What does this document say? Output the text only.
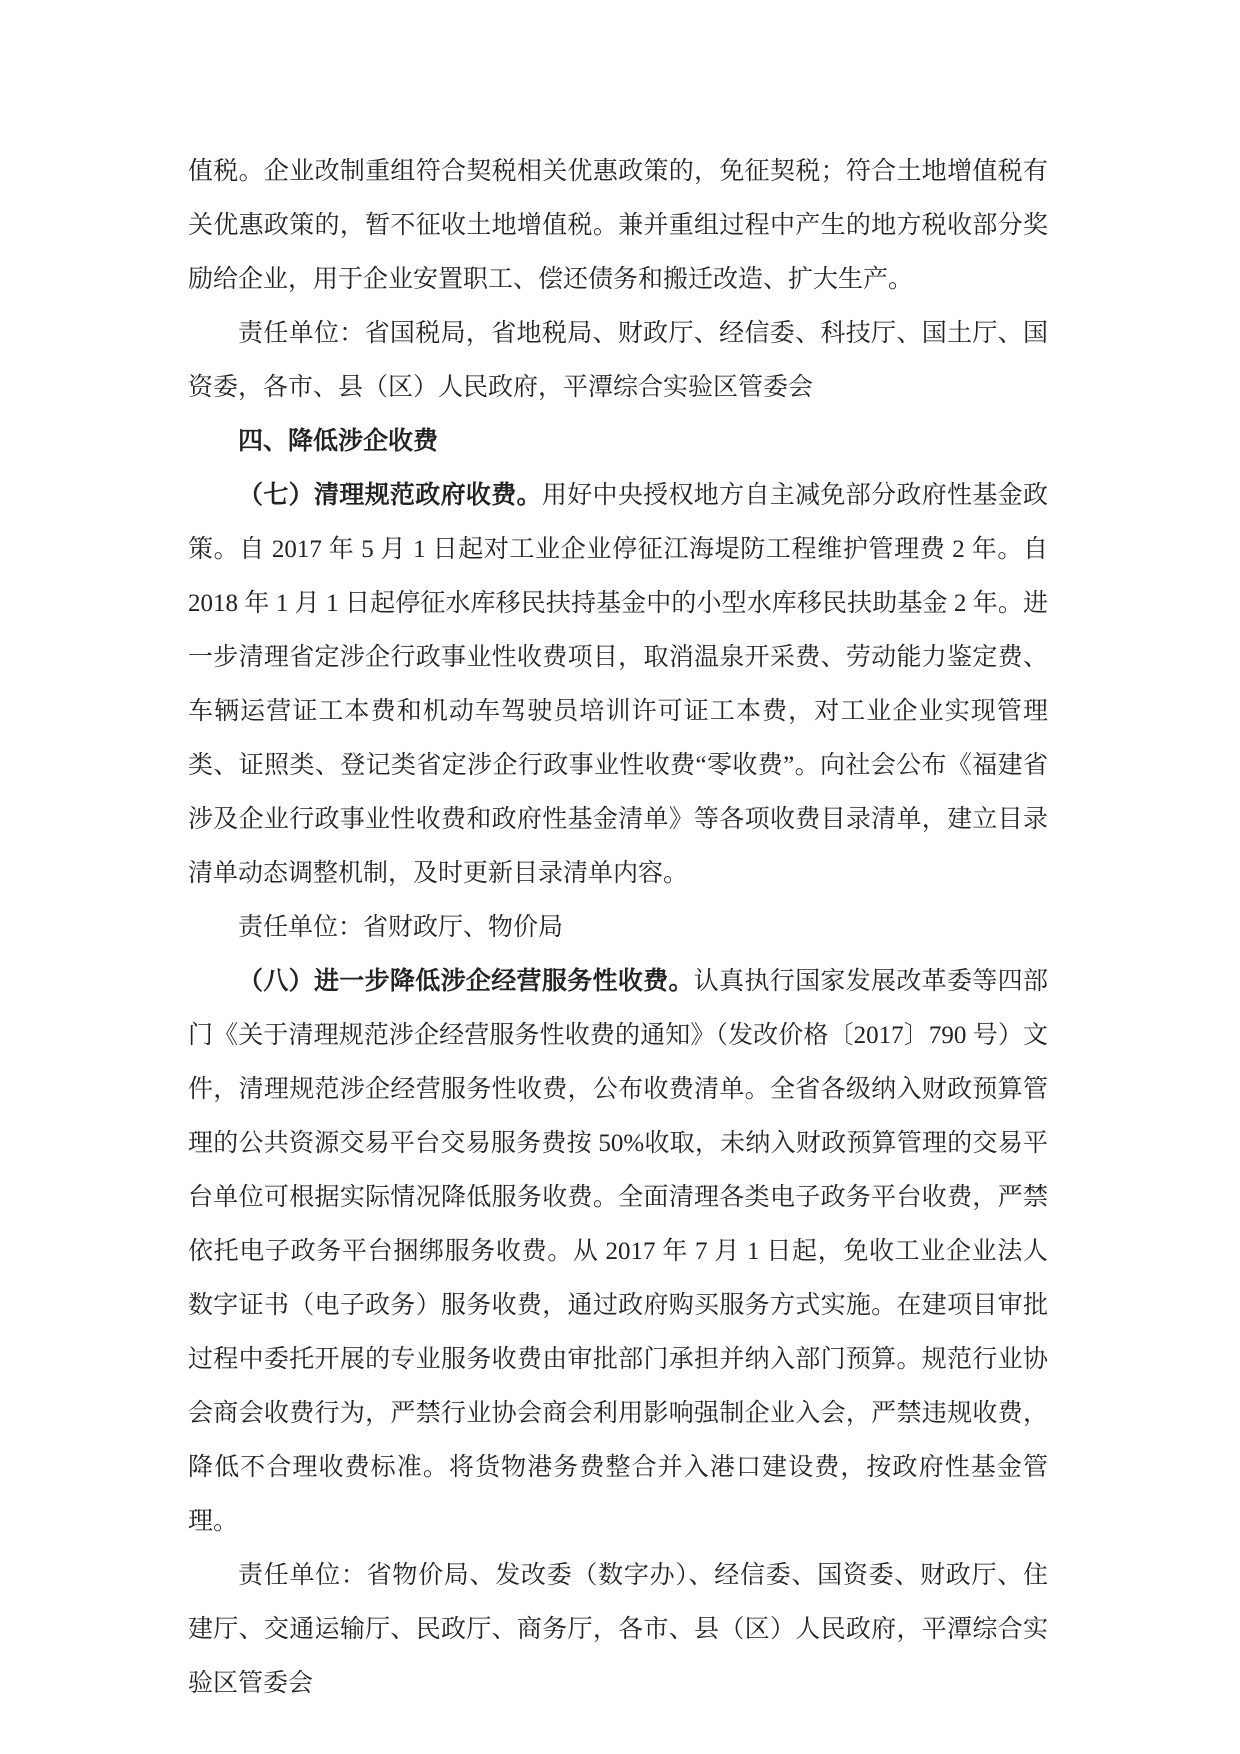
值税。企业改制重组符合契税相关优惠政策的，免征契税；符合土地增值税有关优惠政策的，暂不征收土地增值税。兼并重组过程中产生的地方税收部分奖励给企业，用于企业安置职工、偿还债务和搬迁改造、扩大生产。

责任单位：省国税局，省地税局、财政厅、经信委、科技厅、国土厅、国资委，各市、县（区）人民政府，平潭综合实验区管委会

四、降低涉企收费

（七）清理规范政府收费。用好中央授权地方自主减免部分政府性基金政策。自 2017 年 5 月 1 日起对工业企业停征江海堤防工程维护管理费 2 年。自 2018 年 1 月 1 日起停征水库移民扶持基金中的小型水库移民扶助基金 2 年。进一步清理省定涉企行政事业性收费项目，取消温泉开采费、劳动能力鉴定费、车辆运营证工本费和机动车驾驶员培训许可证工本费，对工业企业实现管理类、证照类、登记类省定涉企行政事业性收费“零收费”。向社会公布《福建省涉及企业行政事业性收费和政府性基金清单》等各项收费目录清单，建立目录清单动态调整机制，及时更新目录清单内容。

责任单位：省财政厅、物价局

（八）进一步降低涉企经营服务性收费。认真执行国家发展改革委等四部门《关于清理规范涉企经营服务性收费的通知》（发改价格〔2017〕790 号）文件，清理规范涉企经营服务性收费，公布收费清单。全省各级纳入财政预算管理的公共资源交易平台交易服务费按 50%收取，未纳入财政预算管理的交易平台单位可根据实际情况降低服务收费。全面清理各类电子政务平台收费，严禁依托电子政务平台捆绑服务收费。从 2017 年 7 月 1 日起，免收工业企业法人数字证书（电子政务）服务收费，通过政府购买服务方式实施。在建项目审批过程中委托开展的专业服务收费由审批部门承担并纳入部门预算。规范行业协会商会收费行为，严禁行业协会商会利用影响强制企业入会，严禁违规收费，降低不合理收费标准。将货物港务费整合并入港口建设费，按政府性基金管理。

责任单位：省物价局、发改委（数字办）、经信委、国资委、财政厅、住建厅、交通运输厅、民政厅、商务厅，各市、县（区）人民政府，平潭综合实验区管委会
